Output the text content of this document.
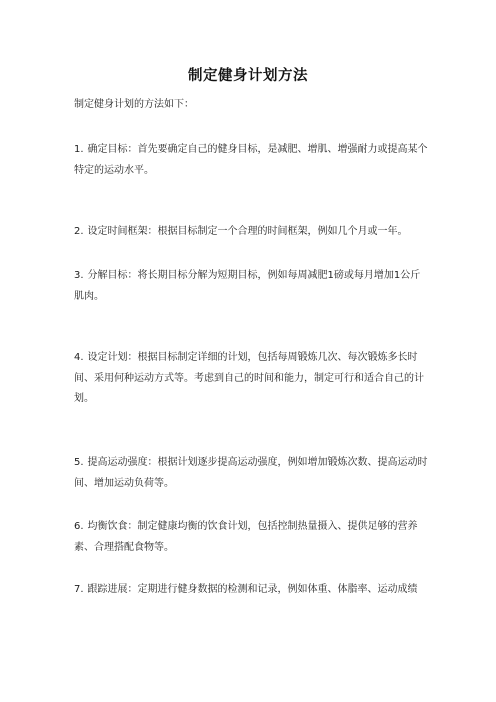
制定健身计划方法
制定健身计划的方法如下：
1. 确定目标：首先要确定自己的健身目标，是减肥、增肌、增强耐力或提高某个特定的运动水平。
2. 设定时间框架：根据目标制定一个合理的时间框架，例如几个月或一年。
3. 分解目标：将长期目标分解为短期目标，例如每周减肥1磅或每月增加1公斤肌肉。
4. 设定计划：根据目标制定详细的计划，包括每周锻炼几次、每次锻炼多长时间、采用何种运动方式等。考虑到自己的时间和能力，制定可行和适合自己的计划。
5. 提高运动强度：根据计划逐步提高运动强度，例如增加锻炼次数、提高运动时间、增加运动负荷等。
6. 均衡饮食：制定健康均衡的饮食计划，包括控制热量摄入、提供足够的营养素、合理搭配食物等。
7. 跟踪进展：定期进行健身数据的检测和记录，例如体重、体脂率、运动成绩
